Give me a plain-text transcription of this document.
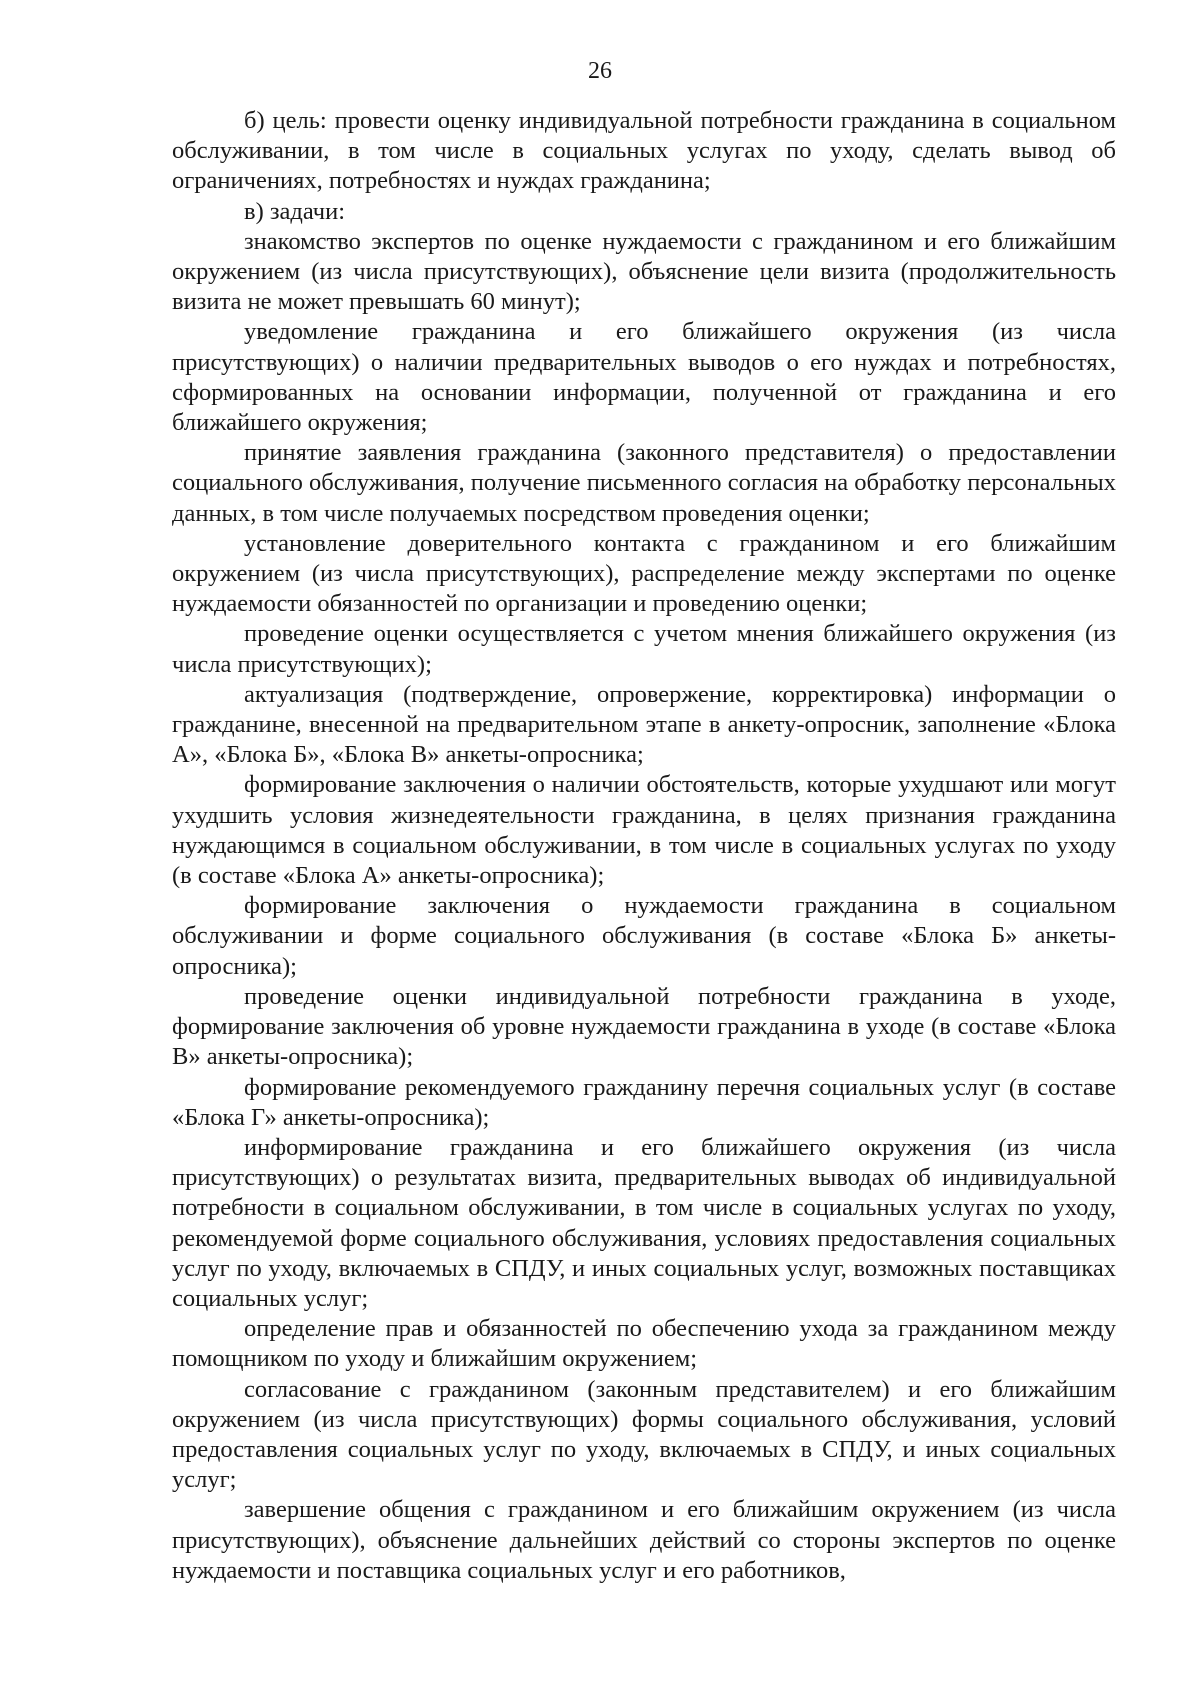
26

б) цель: провести оценку индивидуальной потребности гражданина в социальном обслуживании, в том числе в социальных услугах по уходу, сделать вывод об ограничениях, потребностях и нуждах гражданина;

в) задачи:

знакомство экспертов по оценке нуждаемости с гражданином и его ближайшим окружением (из числа присутствующих), объяснение цели визита (продолжительность визита не может превышать 60 минут);

уведомление гражданина и его ближайшего окружения (из числа присутствующих) о наличии предварительных выводов о его нуждах и потребностях, сформированных на основании информации, полученной от гражданина и его ближайшего окружения;

принятие заявления гражданина (законного представителя) о предоставлении социального обслуживания, получение письменного согласия на обработку персональных данных, в том числе получаемых посредством проведения оценки;

установление доверительного контакта с гражданином и его ближайшим окружением (из числа присутствующих), распределение между экспертами по оценке нуждаемости обязанностей по организации и проведению оценки;

проведение оценки осуществляется с учетом мнения ближайшего окружения (из числа присутствующих);

актуализация (подтверждение, опровержение, корректировка) информации о гражданине, внесенной на предварительном этапе в анкету-опросник, заполнение «Блока А», «Блока Б», «Блока В» анкеты-опросника;

формирование заключения о наличии обстоятельств, которые ухудшают или могут ухудшить условия жизнедеятельности гражданина, в целях признания гражданина нуждающимся в социальном обслуживании, в том числе в социальных услугах по уходу (в составе «Блока А» анкеты-опросника);

формирование заключения о нуждаемости гражданина в социальном обслуживании и форме социального обслуживания (в составе «Блока Б» анкеты-опросника);

проведение оценки индивидуальной потребности гражданина в уходе, формирование заключения об уровне нуждаемости гражданина в уходе (в составе «Блока В» анкеты-опросника);

формирование рекомендуемого гражданину перечня социальных услуг (в составе «Блока Г» анкеты-опросника);

информирование гражданина и его ближайшего окружения (из числа присутствующих) о результатах визита, предварительных выводах об индивидуальной потребности в социальном обслуживании, в том числе в социальных услугах по уходу, рекомендуемой форме социального обслуживания, условиях предоставления социальных услуг по уходу, включаемых в СПДУ, и иных социальных услуг, возможных поставщиках социальных услуг;

определение прав и обязанностей по обеспечению ухода за гражданином между помощником по уходу и ближайшим окружением;

согласование с гражданином (законным представителем) и его ближайшим окружением (из числа присутствующих) формы социального обслуживания, условий предоставления социальных услуг по уходу, включаемых в СПДУ, и иных социальных услуг;

завершение общения с гражданином и его ближайшим окружением (из числа присутствующих), объяснение дальнейших действий со стороны экспертов по оценке нуждаемости и поставщика социальных услуг и его работников,
